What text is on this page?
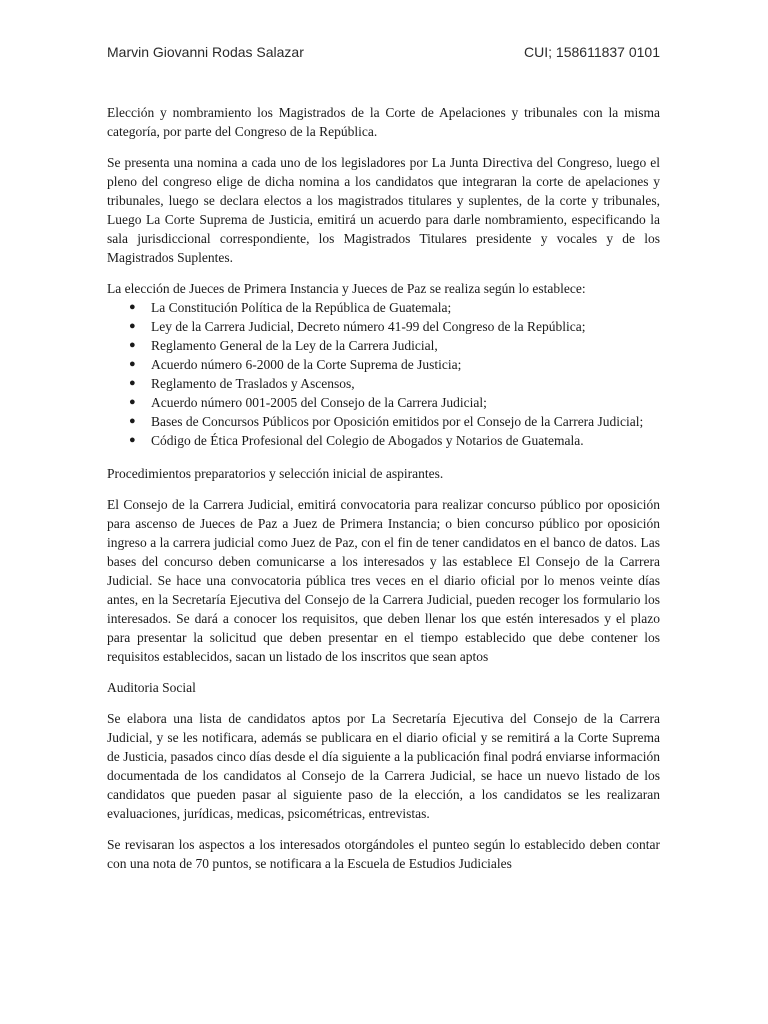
Marvin Giovanni Rodas Salazar	CUI; 158611837 0101

Elección y nombramiento los Magistrados de la Corte de Apelaciones y tribunales con la misma categoría, por parte del Congreso de la República.

Se presenta una nomina a cada uno de los legisladores por La Junta Directiva del Congreso, luego el pleno del congreso elige de dicha nomina a los candidatos que integraran la corte de apelaciones y tribunales, luego se declara electos a los magistrados titulares y suplentes, de la corte y tribunales, Luego La Corte Suprema de Justicia, emitirá un acuerdo para darle nombramiento, especificando la sala jurisdiccional correspondiente, los Magistrados Titulares presidente y vocales y de los Magistrados Suplentes.

La elección de Jueces de Primera Instancia y Jueces de Paz se realiza según lo establece:

● La Constitución Política de la República de Guatemala;
● Ley de la Carrera Judicial, Decreto número 41-99 del Congreso de la República;
● Reglamento General de la Ley de la Carrera Judicial,
● Acuerdo número 6-2000 de la Corte Suprema de Justicia;
● Reglamento de Traslados y Ascensos,
● Acuerdo número 001-2005 del Consejo de la Carrera Judicial;
● Bases de Concursos Públicos por Oposición emitidos por el Consejo de la Carrera Judicial;
● Código de Ética Profesional del Colegio de Abogados y Notarios de Guatemala.

Procedimientos preparatorios y selección inicial de aspirantes.

El Consejo de la Carrera Judicial, emitirá convocatoria para realizar concurso público por oposición para ascenso de Jueces de Paz a Juez de Primera Instancia; o bien concurso público por oposición ingreso a la carrera judicial como Juez de Paz, con el fin de tener candidatos en el banco de datos. Las bases del concurso deben comunicarse a los interesados y las establece El Consejo de la Carrera Judicial. Se hace una convocatoria pública tres veces en el diario oficial por lo menos veinte días antes, en la Secretaría Ejecutiva del Consejo de la Carrera Judicial, pueden recoger los formulario los interesados. Se dará a conocer los requisitos, que deben llenar los que estén interesados y el plazo para presentar la solicitud que deben presentar en el tiempo establecido que debe contener los requisitos establecidos, sacan un listado de los inscritos que sean aptos

Auditoria Social

Se elabora una lista de candidatos aptos por La Secretaría Ejecutiva del Consejo de la Carrera Judicial, y se les notificara, además se publicara en el diario oficial y se remitirá a la Corte Suprema de Justicia, pasados cinco días desde el día siguiente a la publicación final podrá enviarse información documentada de los candidatos al Consejo de la Carrera Judicial, se hace un nuevo listado de los candidatos que pueden pasar al siguiente paso de la elección, a los candidatos se les realizaran evaluaciones, jurídicas, medicas, psicométricas, entrevistas.

Se revisaran los aspectos a los interesados otorgándoles el punteo según lo establecido deben contar con una nota de 70 puntos, se notificara a la Escuela de Estudios Judiciales
